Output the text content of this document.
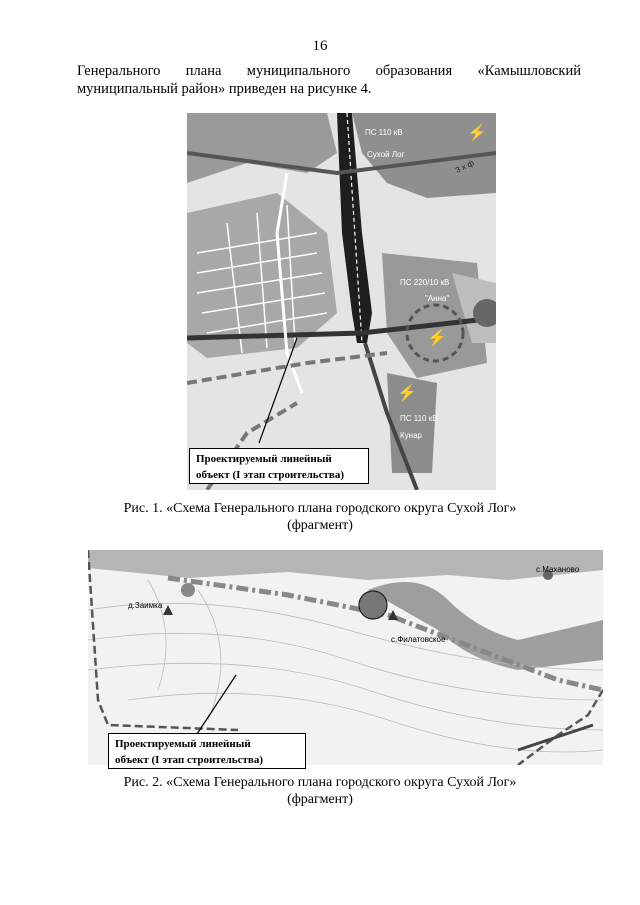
16
Генерального плана муниципального образования «Камышловский
муниципальный район» приведен на рисунке 4.
⚡
⚡
⚡
ПС 110 кВ
Сухой Лог
ПС 220/10 кВ
"Анна"
ПС 110 кВ
Кунар
3 х ф
Проектируемый линейный
объект (I этап строительства)
Рис. 1. «Схема Генерального плана городского округа Сухой Лог»
(фрагмент)
д.Заимка
с.Филатовское
с.Маханово
Проектируемый линейный
объект (I этап строительства)
Рис. 2. «Схема Генерального плана городского округа Сухой Лог»
(фрагмент)
